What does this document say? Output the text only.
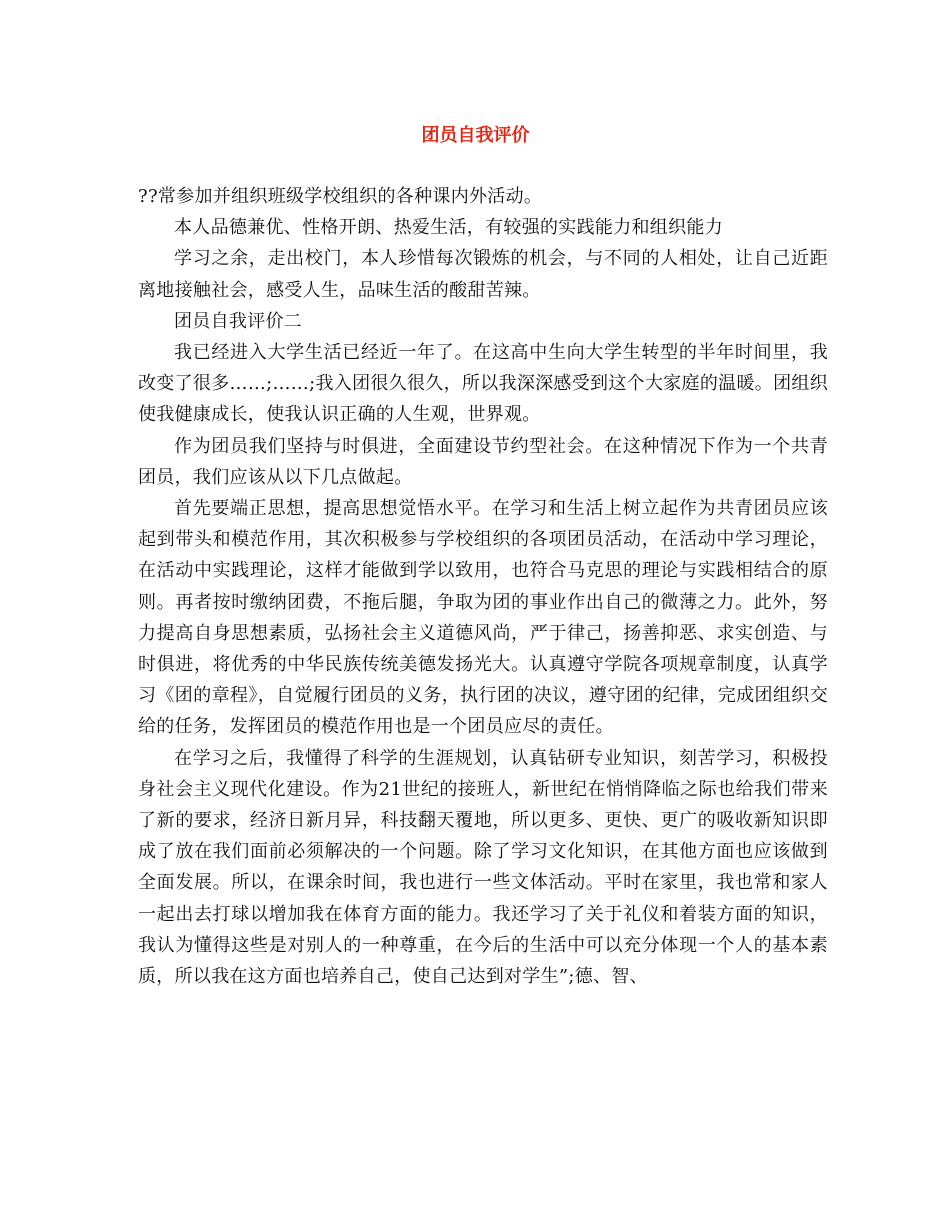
团员自我评价

??常参加并组织班级学校组织的各种课内外活动。

本人品德兼优、性格开朗、热爱生活，有较强的实践能力和组织能力

学习之余，走出校门，本人珍惜每次锻炼的机会，与不同的人相处，让自己近距离地接触社会，感受人生，品味生活的酸甜苦辣。

团员自我评价二

我已经进入大学生活已经近一年了。在这高中生向大学生转型的半年时间里，我改变了很多……;……;我入团很久很久，所以我深深感受到这个大家庭的温暖。团组织使我健康成长，使我认识正确的人生观，世界观。

作为团员我们坚持与时俱进，全面建设节约型社会。在这种情况下作为一个共青团员，我们应该从以下几点做起。

首先要端正思想，提高思想觉悟水平。在学习和生活上树立起作为共青团员应该起到带头和模范作用，其次积极参与学校组织的各项团员活动，在活动中学习理论，在活动中实践理论，这样才能做到学以致用，也符合马克思的理论与实践相结合的原则。再者按时缴纳团费，不拖后腿，争取为团的事业作出自己的微薄之力。此外，努力提高自身思想素质，弘扬社会主义道德风尚，严于律己，扬善抑恶、求实创造、与时俱进，将优秀的中华民族传统美德发扬光大。认真遵守学院各项规章制度，认真学习《团的章程》，自觉履行团员的义务，执行团的决议，遵守团的纪律，完成团组织交给的任务，发挥团员的模范作用也是一个团员应尽的责任。

在学习之后，我懂得了科学的生涯规划，认真钻研专业知识，刻苦学习，积极投身社会主义现代化建设。作为21世纪的接班人，新世纪在悄悄降临之际也给我们带来了新的要求，经济日新月异，科技翻天覆地，所以更多、更快、更广的吸收新知识即成了放在我们面前必须解决的一个问题。除了学习文化知识，在其他方面也应该做到全面发展。所以，在课余时间，我也进行一些文体活动。平时在家里，我也常和家人一起出去打球以增加我在体育方面的能力。我还学习了关于礼仪和着装方面的知识，我认为懂得这些是对别人的一种尊重，在今后的生活中可以充分体现一个人的基本素质，所以我在这方面也培养自己，使自己达到对学生”;德、智、
